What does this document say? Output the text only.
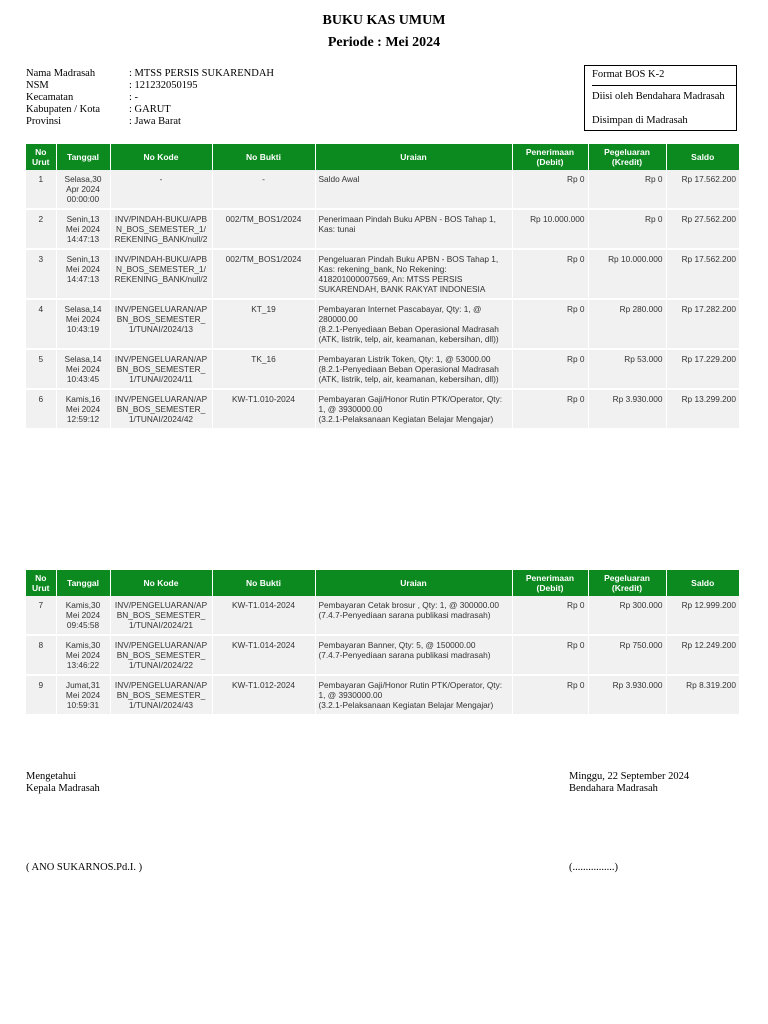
BUKU KAS UMUM
Periode : Mei 2024
Nama Madrasah	: MTSS PERSIS SUKARENDAH
NSM	: 121232050195
Kecamatan	: -
Kabupaten / Kota	: GARUT
Provinsi	: Jawa Barat
Format BOS K-2
Diisi oleh Bendahara Madrasah
Disimpan di Madrasah
No Urut	Tanggal	No Kode	No Bukti	Uraian	Penerimaan (Debit)	Pegeluaran (Kredit)	Saldo
1	Selasa,30 Apr 2024 00:00:00	-	-	Saldo Awal	Rp 0	Rp 0	Rp 17.562.200
2	Senin,13 Mei 2024 14:47:13	INV/PINDAH-BUKU/APBN_BOS_SEMESTER_1/REKENING_BANK/null/2	002/TM_BOS1/2024	Penerimaan Pindah Buku APBN - BOS Tahap 1, Kas: tunai	Rp 10.000.000	Rp 0	Rp 27.562.200
3	Senin,13 Mei 2024 14:47:13	INV/PINDAH-BUKU/APBN_BOS_SEMESTER_1/REKENING_BANK/null/2	002/TM_BOS1/2024	Pengeluaran Pindah Buku APBN - BOS Tahap 1, Kas: rekening_bank, No Rekening: 418201000007569, An: MTSS PERSIS SUKARENDAH, BANK RAKYAT INDONESIA	Rp 0	Rp 10.000.000	Rp 17.562.200
4	Selasa,14 Mei 2024 10:43:19	INV/PENGELUARAN/APBN_BOS_SEMESTER_1/TUNAI/2024/13	KT_19	Pembayaran Internet Pascabayar, Qty: 1, @ 280000.00
(8.2.1-Penyediaan Beban Operasional Madrasah (ATK, listrik, telp, air, keamanan, kebersihan, dll))	Rp 0	Rp 280.000	Rp 17.282.200
5	Selasa,14 Mei 2024 10:43:45	INV/PENGELUARAN/APBN_BOS_SEMESTER_1/TUNAI/2024/11	TK_16	Pembayaran Listrik Token, Qty: 1, @ 53000.00
(8.2.1-Penyediaan Beban Operasional Madrasah (ATK, listrik, telp, air, keamanan, kebersihan, dll))	Rp 0	Rp 53.000	Rp 17.229.200
6	Kamis,16 Mei 2024 12:59:12	INV/PENGELUARAN/APBN_BOS_SEMESTER_1/TUNAI/2024/42	KW-T1.010-2024	Pembayaran Gaji/Honor Rutin PTK/Operator, Qty: 1, @ 3930000.00
(3.2.1-Pelaksanaan Kegiatan Belajar Mengajar)	Rp 0	Rp 3.930.000	Rp 13.299.200
No Urut	Tanggal	No Kode	No Bukti	Uraian	Penerimaan (Debit)	Pegeluaran (Kredit)	Saldo
7	Kamis,30 Mei 2024 09:45:58	INV/PENGELUARAN/APBN_BOS_SEMESTER_1/TUNAI/2024/21	KW-T1.014-2024	Pembayaran Cetak brosur , Qty: 1, @ 300000.00
(7.4.7-Penyediaan sarana publikasi madrasah)	Rp 0	Rp 300.000	Rp 12.999.200
8	Kamis,30 Mei 2024 13:46:22	INV/PENGELUARAN/APBN_BOS_SEMESTER_1/TUNAI/2024/22	KW-T1.014-2024	Pembayaran Banner, Qty: 5, @ 150000.00
(7.4.7-Penyediaan sarana publikasi madrasah)	Rp 0	Rp 750.000	Rp 12.249.200
9	Jumat,31 Mei 2024 10:59:31	INV/PENGELUARAN/APBN_BOS_SEMESTER_1/TUNAI/2024/43	KW-T1.012-2024	Pembayaran Gaji/Honor Rutin PTK/Operator, Qty: 1, @ 3930000.00
(3.2.1-Pelaksanaan Kegiatan Belajar Mengajar)	Rp 0	Rp 3.930.000	Rp 8.319.200
Mengetahui
Kepala Madrasah
Minggu, 22 September 2024
Bendahara Madrasah
( ANO SUKARNOS.Pd.I. )	(................)
